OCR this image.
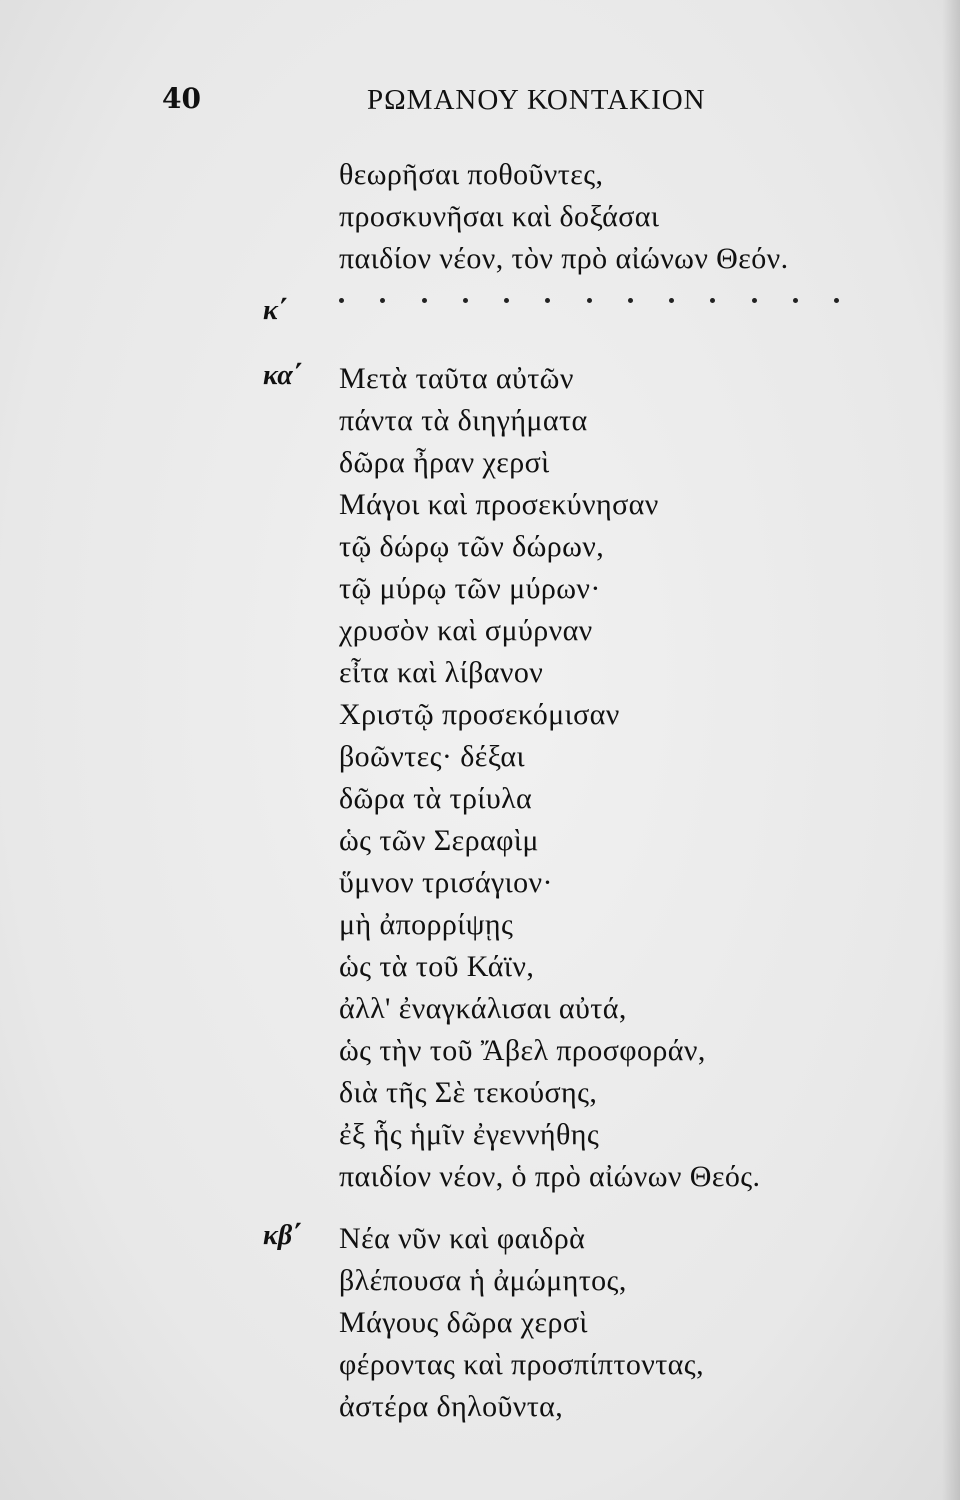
40	ΡΩΜΑΝΟΥ ΚΟΝΤΑΚΙΟΝ
θεωρῆσαι ποθοῦντες,
προσκυνῆσαι καὶ δοξάσαι
παιδίον νέον, τὸν πρὸ αἰώνων Θεόν.
κ΄
κα΄ Μετὰ ταῦτα αὐτῶν
πάντα τὰ διηγήματα
δῶρα ἦραν χερσὶ
Μάγοι καὶ προσεκύνησαν
τῷ δώρῳ τῶν δώρων,
τῷ μύρῳ τῶν μύρων·
χρυσὸν καὶ σμύρναν
εἶτα καὶ λίβανον
Χριστῷ προσεκόμισαν
βοῶντες· δέξαι
δῶρα τὰ τρίυλα
ὡς τῶν Σεραφὶμ
ὕμνον τρισάγιον·
μὴ ἀπορρίψῃς
ὡς τὰ τοῦ Κάϊν,
ἀλλ' ἐναγκάλισαι αὐτά,
ὡς τὴν τοῦ Ἄβελ προσφοράν,
διὰ τῆς Σὲ τεκούσης,
ἐξ ἧς ἡμῖν ἐγεννήθης
παιδίον νέον, ὁ πρὸ αἰώνων Θεός.
κβ΄ Νέα νῦν καὶ φαιδρὰ
βλέπουσα ἡ ἀμώμητος,
Μάγους δῶρα χερσὶ
φέροντας καὶ προσπίπτοντας,
ἀστέρα δηλοῦντα,
